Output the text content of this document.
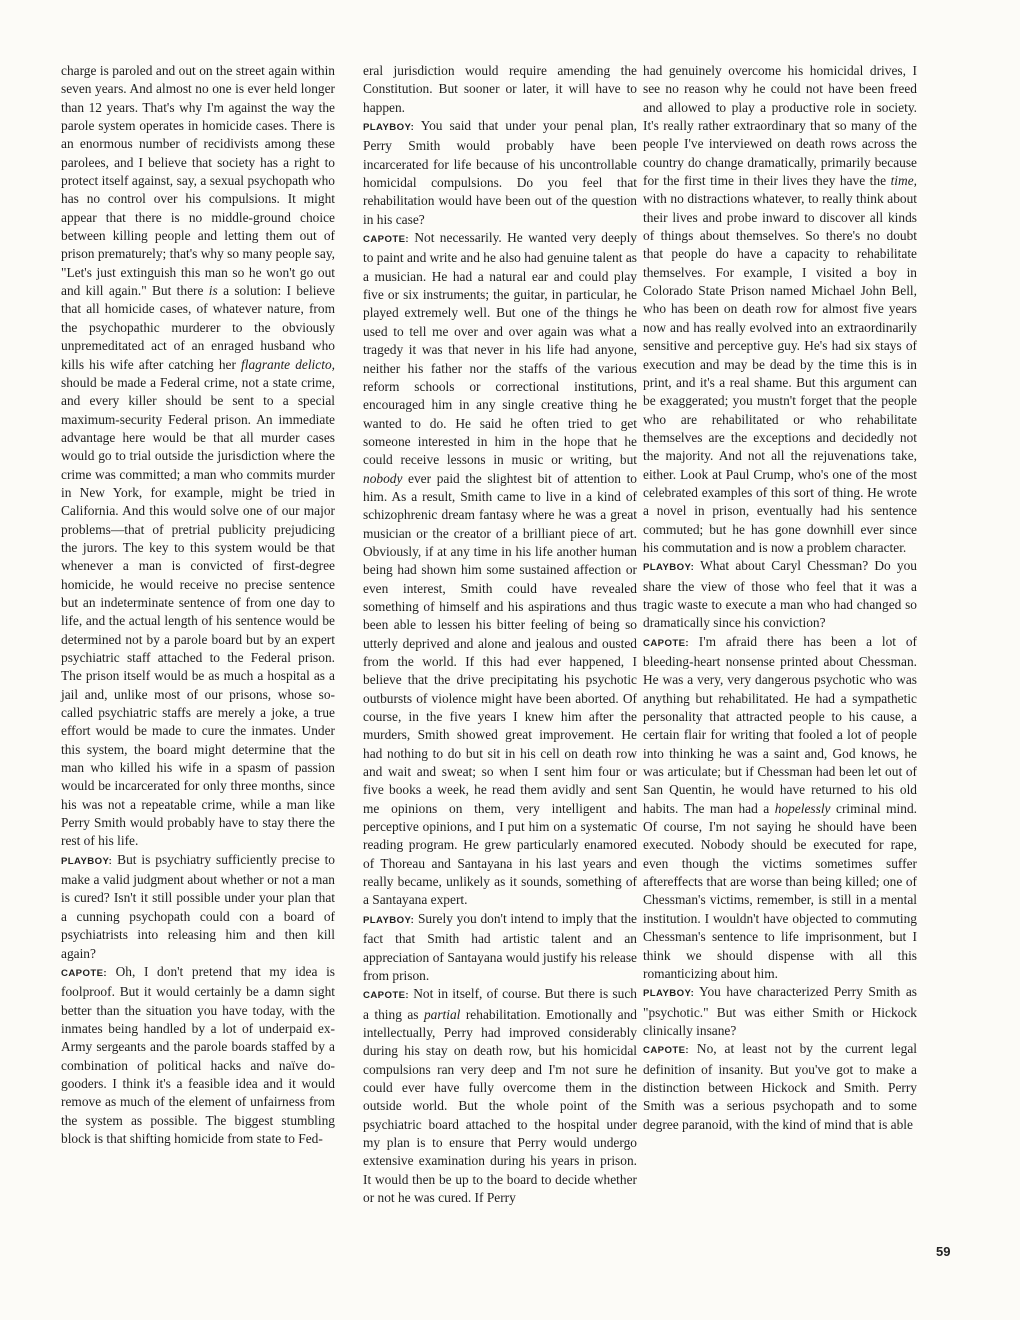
charge is paroled and out on the street again within seven years. And almost no one is ever held longer than 12 years. That's why I'm against the way the parole system operates in homicide cases. There is an enormous number of recidivists among these parolees, and I believe that society has a right to protect itself against, say, a sexual psychopath who has no control over his compulsions. It might appear that there is no middle-ground choice between killing people and letting them out of prison prematurely; that's why so many people say, "Let's just extinguish this man so he won't go out and kill again." But there is a solution: I believe that all homicide cases, of whatever nature, from the psychopathic murderer to the obviously unpremeditated act of an enraged husband who kills his wife after catching her flagrante delicto, should be made a Federal crime, not a state crime, and every killer should be sent to a special maximum-security Federal prison. An immediate advantage here would be that all murder cases would go to trial outside the jurisdiction where the crime was committed; a man who commits murder in New York, for example, might be tried in California. And this would solve one of our major problems—that of pretrial publicity prejudicing the jurors. The key to this system would be that whenever a man is convicted of first-degree homicide, he would receive no precise sentence but an indeterminate sentence of from one day to life, and the actual length of his sentence would be determined not by a parole board but by an expert psychiatric staff attached to the Federal prison. The prison itself would be as much a hospital as a jail and, unlike most of our prisons, whose so-called psychiatric staffs are merely a joke, a true effort would be made to cure the inmates. Under this system, the board might determine that the man who killed his wife in a spasm of passion would be incarcerated for only three months, since his was not a repeatable crime, while a man like Perry Smith would probably have to stay there the rest of his life.

PLAYBOY: But is psychiatry sufficiently precise to make a valid judgment about whether or not a man is cured? Isn't it still possible under your plan that a cunning psychopath could con a board of psychiatrists into releasing him and then kill again?

CAPOTE: Oh, I don't pretend that my idea is foolproof. But it would certainly be a damn sight better than the situation you have today, with the inmates being handled by a lot of underpaid ex-Army sergeants and the parole boards staffed by a combination of political hacks and naïve do-gooders. I think it's a feasible idea and it would remove as much of the element of unfairness from the system as possible. The biggest stumbling block is that shifting homicide from state to Fed-

eral jurisdiction would require amending the Constitution. But sooner or later, it will have to happen.

PLAYBOY: You said that under your penal plan, Perry Smith would probably have been incarcerated for life because of his uncontrollable homicidal compulsions. Do you feel that rehabilitation would have been out of the question in his case?

CAPOTE: Not necessarily. He wanted very deeply to paint and write and he also had genuine talent as a musician. He had a natural ear and could play five or six instruments; the guitar, in particular, he played extremely well. But one of the things he used to tell me over and over again was what a tragedy it was that never in his life had anyone, neither his father nor the staffs of the various reform schools or correctional institutions, encouraged him in any single creative thing he wanted to do. He said he often tried to get someone interested in him in the hope that he could receive lessons in music or writing, but nobody ever paid the slightest bit of attention to him. As a result, Smith came to live in a kind of schizophrenic dream fantasy where he was a great musician or the creator of a brilliant piece of art. Obviously, if at any time in his life another human being had shown him some sustained affection or even interest, Smith could have revealed something of himself and his aspirations and thus been able to lessen his bitter feeling of being so utterly deprived and alone and jealous and ousted from the world. If this had ever happened, I believe that the drive precipitating his psychotic outbursts of violence might have been aborted. Of course, in the five years I knew him after the murders, Smith showed great improvement. He had nothing to do but sit in his cell on death row and wait and sweat; so when I sent him four or five books a week, he read them avidly and sent me opinions on them, very intelligent and perceptive opinions, and I put him on a systematic reading program. He grew particularly enamored of Thoreau and Santayana in his last years and really became, unlikely as it sounds, something of a Santayana expert.

PLAYBOY: Surely you don't intend to imply that the fact that Smith had artistic talent and an appreciation of Santayana would justify his release from prison.

CAPOTE: Not in itself, of course. But there is such a thing as partial rehabilitation. Emotionally and intellectually, Perry had improved considerably during his stay on death row, but his homicidal compulsions ran very deep and I'm not sure he could ever have fully overcome them in the outside world. But the whole point of the psychiatric board attached to the hospital under my plan is to ensure that Perry would undergo extensive examination during his years in prison. It would then be up to the board to decide whether or not he was cured. If Perry

had genuinely overcome his homicidal drives, I see no reason why he could not have been freed and allowed to play a productive role in society. It's really rather extraordinary that so many of the people I've interviewed on death rows across the country do change dramatically, primarily because for the first time in their lives they have the time, with no distractions whatever, to really think about their lives and probe inward to discover all kinds of things about themselves. So there's no doubt that people do have a capacity to rehabilitate themselves. For example, I visited a boy in Colorado State Prison named Michael John Bell, who has been on death row for almost five years now and has really evolved into an extraordinarily sensitive and perceptive guy. He's had six stays of execution and may be dead by the time this is in print, and it's a real shame. But this argument can be exaggerated; you mustn't forget that the people who are rehabilitated or who rehabilitate themselves are the exceptions and decidedly not the majority. And not all the rejuvenations take, either. Look at Paul Crump, who's one of the most celebrated examples of this sort of thing. He wrote a novel in prison, eventually had his sentence commuted; but he has gone downhill ever since his commutation and is now a problem character.

PLAYBOY: What about Caryl Chessman? Do you share the view of those who feel that it was a tragic waste to execute a man who had changed so dramatically since his conviction?

CAPOTE: I'm afraid there has been a lot of bleeding-heart nonsense printed about Chessman. He was a very, very dangerous psychotic who was anything but rehabilitated. He had a sympathetic personality that attracted people to his cause, a certain flair for writing that fooled a lot of people into thinking he was a saint and, God knows, he was articulate; but if Chessman had been let out of San Quentin, he would have returned to his old habits. The man had a hopelessly criminal mind. Of course, I'm not saying he should have been executed. Nobody should be executed for rape, even though the victims sometimes suffer aftereffects that are worse than being killed; one of Chessman's victims, remember, is still in a mental institution. I wouldn't have objected to commuting Chessman's sentence to life imprisonment, but I think we should dispense with all this romanticizing about him.

PLAYBOY: You have characterized Perry Smith as "psychotic." But was either Smith or Hickock clinically insane?

CAPOTE: No, at least not by the current legal definition of insanity. But you've got to make a distinction between Hickock and Smith. Perry Smith was a serious psychopath and to some degree paranoid, with the kind of mind that is able

59
